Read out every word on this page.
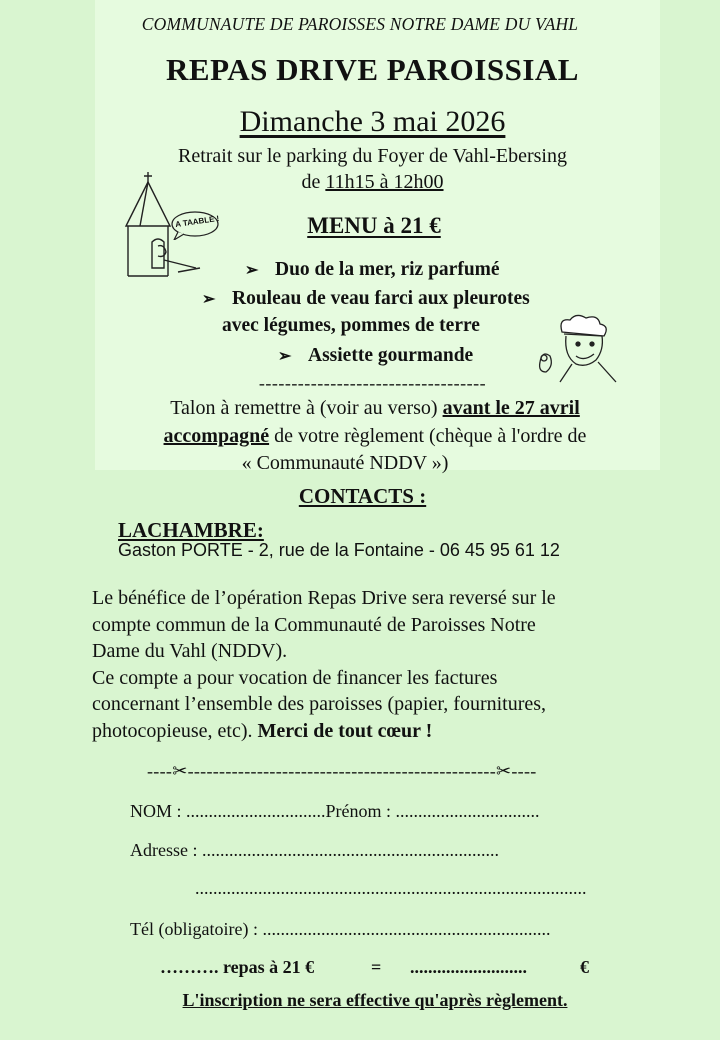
COMMUNAUTE DE PAROISSES NOTRE DAME DU VAHL
REPAS DRIVE PAROISSIAL
Dimanche 3 mai 2026
Retrait sur le parking du Foyer de Vahl-Ebersing
de 11h15 à 12h00
A TAABLE !	MENU à 21 €
➢ Duo de la mer, riz parfumé
➢ Rouleau de veau farci aux pleurotes
avec légumes, pommes de terre
➢ Assiette gourmande
-----------------------------------
Talon à remettre à (voir au verso) avant le 27 avril
accompagné de votre règlement (chèque à l'ordre de
« Communauté NDDV »)
CONTACTS :
LACHAMBRE:
Gaston PORTE - 2, rue de la Fontaine - 06 45 95 61 12
Le bénéfice de l’opération Repas Drive sera reversé sur le
compte commun de la Communauté de Paroisses Notre
Dame du Vahl (NDDV).
Ce compte a pour vocation de financer les factures
concernant l’ensemble des paroisses (papier, fournitures,
photocopieuse, etc). Merci de tout cœur !
----✂-------------------------------------------------✂----
NOM : ...............................Prénom : ................................
Adresse : ..................................................................
.......................................................................................
Tél (obligatoire) : ................................................................
………. repas à 21 €	= ..........................	€
L'inscription ne sera effective qu'après règlement.
